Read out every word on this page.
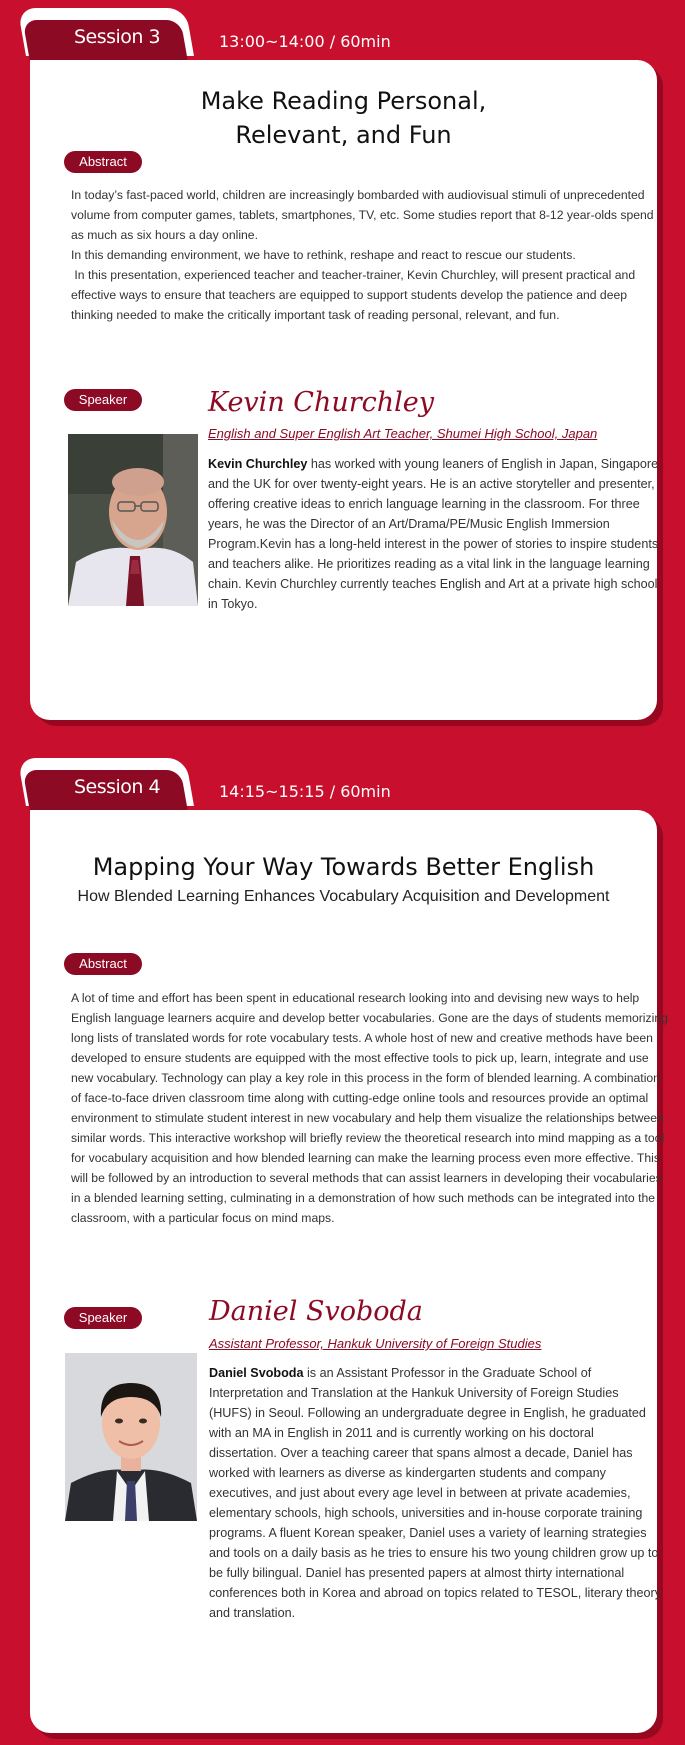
Session 3	13:00~14:00 / 60min
Make Reading Personal,
Relevant, and Fun
Abstract

In today’s fast-paced world, children are increasingly bombarded with audiovisual stimuli of unprecedented volume from computer games, tablets, smartphones, TV, etc. Some studies report that 8-12 year-olds spend as much as six hours a day online.

In this demanding environment, we have to rethink, reshape and react to rescue our students.

In this presentation, experienced teacher and teacher-trainer, Kevin Churchley, will present practical and effective ways to ensure that teachers are equipped to support students develop the patience and deep thinking needed to make the critically important task of reading personal, relevant, and fun.

Speaker	Kevin Churchley
English and Super English Art Teacher, Shumei High School, Japan
Kevin Churchley has worked with young leaners of English in Japan, Singapore, and the UK for over twenty-eight years. He is an active storyteller and presenter, offering creative ideas to enrich language learning in the classroom. For three years, he was the Director of an Art/Drama/PE/Music English Immersion Program.Kevin has a long-held interest in the power of stories to inspire students and teachers alike. He prioritizes reading as a vital link in the language learning chain. Kevin Churchley currently teaches English and Art at a private high school in Tokyo.
Session 4	14:15~15:15 / 60min
Mapping Your Way Towards Better English
How Blended Learning Enhances Vocabulary Acquisition and Development
Abstract

A lot of time and effort has been spent in educational research looking into and devising new ways to help English language learners acquire and develop better vocabularies. Gone are the days of students memorizing long lists of translated words for rote vocabulary tests. A whole host of new and creative methods have been developed to ensure students are equipped with the most effective tools to pick up, learn, integrate and use new vocabulary. Technology can play a key role in this process in the form of blended learning. A combination of face-to-face driven classroom time along with cutting-edge online tools and resources provide an optimal environment to stimulate student interest in new vocabulary and help them visualize the relationships between similar words. This interactive workshop will briefly review the theoretical research into mind mapping as a tool for vocabulary acquisition and how blended learning can make the learning process even more effective. This will be followed by an introduction to several methods that can assist learners in developing their vocabularies in a blended learning setting, culminating in a demonstration of how such methods can be integrated into the classroom, with a particular focus on mind maps.

Speaker	Daniel Svoboda
Assistant Professor, Hankuk University of Foreign Studies
Daniel Svoboda is an Assistant Professor in the Graduate School of Interpretation and Translation at the Hankuk University of Foreign Studies (HUFS) in Seoul. Following an undergraduate degree in English, he graduated with an MA in English in 2011 and is currently working on his doctoral dissertation. Over a teaching career that spans almost a decade, Daniel has worked with learners as diverse as kindergarten students and company executives, and just about every age level in between at private academies, elementary schools, high schools, universities and in-house corporate training programs. A fluent Korean speaker, Daniel uses a variety of learning strategies and tools on a daily basis as he tries to ensure his two young children grow up to be fully bilingual. Daniel has presented papers at almost thirty international conferences both in Korea and abroad on topics related to TESOL, literary theory and translation.
